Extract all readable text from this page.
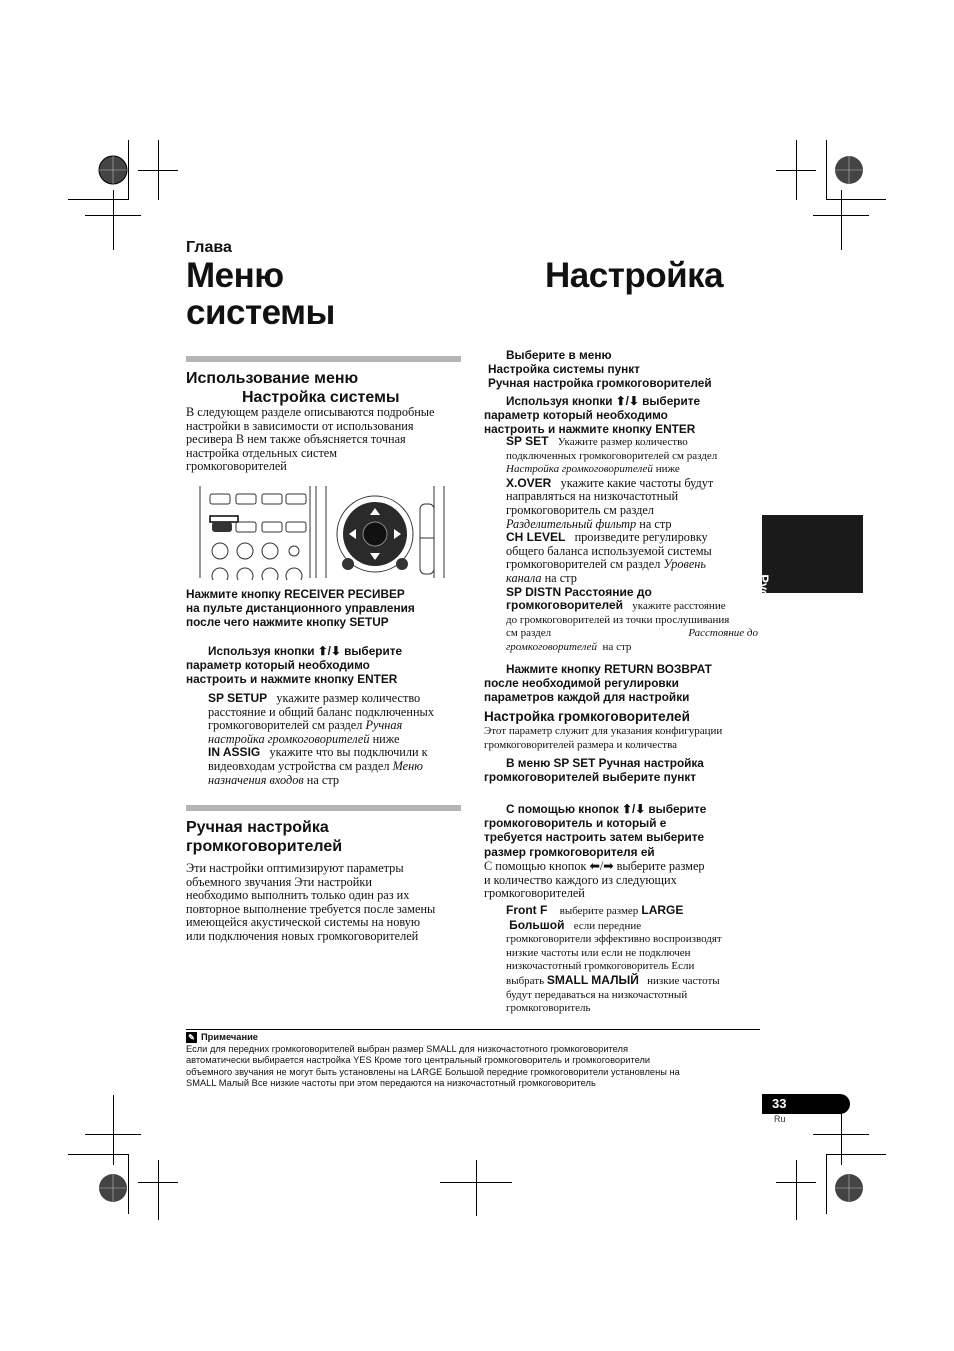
Глава
Меню
системы
Настройка
Использование меню
Настройка системы
В следующем разделе описываются подробные
настройки в зависимости от использования
ресивера В нем также объясняется точная
настройка отдельных систем
громкоговорителей
Нажмите кнопку RECEIVER РЕСИВЕР
на пульте дистанционного управления
после чего нажмите кнопку SETUP
Используя кнопки ⬆/⬇ выберите
параметр который необходимо
настроить и нажмите кнопку ENTER
SP SETUP укажите размер количество
расстояние и общий баланс подключенных
громкоговорителей см раздел Ручная
настройка громкоговорителей ниже
IN ASSIG укажите что вы подключили к
видеовходам устройства см раздел Меню
назначения входов на стр
Ручная настройка
громкоговорителей
Эти настройки оптимизируют параметры
объемного звучания Эти настройки
необходимо выполнить только один раз их
повторное выполнение требуется после замены
имеющейся акустической системы на новую
или подключения новых громкоговорителей
Выберите в меню
Настройка системы пункт
Ручная настройка громкоговорителей
Используя кнопки ⬆/⬇ выберите
параметр который необходимо
настроить и нажмите кнопку ENTER
SP SET Укажите размер количество
подключенных громкоговорителей см раздел
Настройка громкоговорителей ниже
X.OVER укажите какие частоты будут
направляться на низкочастотный
громкоговоритель см раздел
Разделительный фильтр на стр
CH LEVEL произведите регулировку
общего баланса используемой системы
громкоговорителей см раздел Уровень
канала на стр
SP DISTN Расстояние до
громкоговорителей укажите расстояние
до громкоговорителей из точки прослушивания
см раздел	Расстояние до
громкоговорителей на стр
Нажмите кнопку RETURN ВОЗВРАТ
после необходимой регулировки
параметров каждой для настройки
Настройка громкоговорителей
Этот параметр служит для указания конфигурации
громкоговорителей размера и количества
В меню SP SET Ручная настройка
громкоговорителей выберите пункт
С помощью кнопок ⬆/⬇ выберите
громкоговоритель и который е
требуется настроить затем выберите
размер громкоговорителя ей
С помощью кнопок ⬅/➡ выберите размер
и количество каждого из следующих
громкоговорителей
Front F выберите размер LARGE
Большой если передние
громкоговорители эффективно воспроизводят
низкие частоты или если не подключен
низкочастотный громкоговоритель Если
выбрать SMALL МАЛЫЙ низкие частоты
будут передаваться на низкочастотный
громкоговоритель
Русский
✎ Примечание
Если для передних громкоговорителей выбран размер SMALL для низкочастотного громкоговорителя
автоматически выбирается настройка YES Кроме того центральный громкоговоритель и громкоговорители
объемного звучания не могут быть установлены на LARGE Большой передние громкоговорители установлены на
SMALL Малый Все низкие частоты при этом передаются на низкочастотный громкоговоритель
33
Ru
